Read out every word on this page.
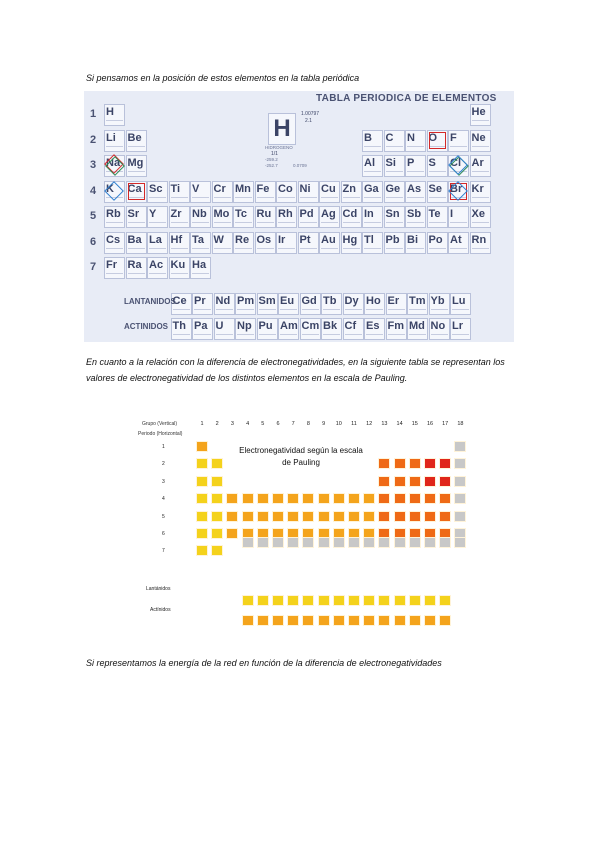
Si pensamos en la posición de estos elementos en la tabla periódica

TABLA PERIODICA DE ELEMENTOS
H
1.00797
2.1
HIDROGENO
1/1
-259.2
-252.7	0.0709
1
2
3
4
5
6
7
H	He
Li Be	B C N O F Ne
Na Mg	Al Si P S Cl Ar
K Ca Sc Ti V Cr Mn Fe Co Ni Cu Zn Ga Ge As Se Br Kr
Rb Sr Y Zr Nb Mo Tc Ru Rh Pd Ag Cd In Sn Sb Te I Xe
Cs Ba La Hf Ta W Re Os Ir Pt Au Hg Tl Pb Bi Po At Rn
Fr Ra Ac Ku Ha
Ce Pr Nd Pm Sm Eu Gd Tb Dy Ho Er Tm Yb Lu
Th Pa U Np Pu Am Cm Bk Cf Es Fm Md No Lr
LANTANIDOS
ACTINIDOS

En cuanto a la relación con la diferencia de electronegatividades, en la siguiente tabla se representan los valores de electronegatividad de los distintos elementos en la escala de Pauling.

Grupo (Vertical)
Periodo (Horizontal)
1	2	3	4	5	6	7	8	9	10	11	12	13	14	15	16	17	18
1
2
3
4
5
6
7
Lantánidos
Actínidos
Electronegatividad según la escala
de Pauling

Si representamos la energía de la red en función de la diferencia de electronegatividades
